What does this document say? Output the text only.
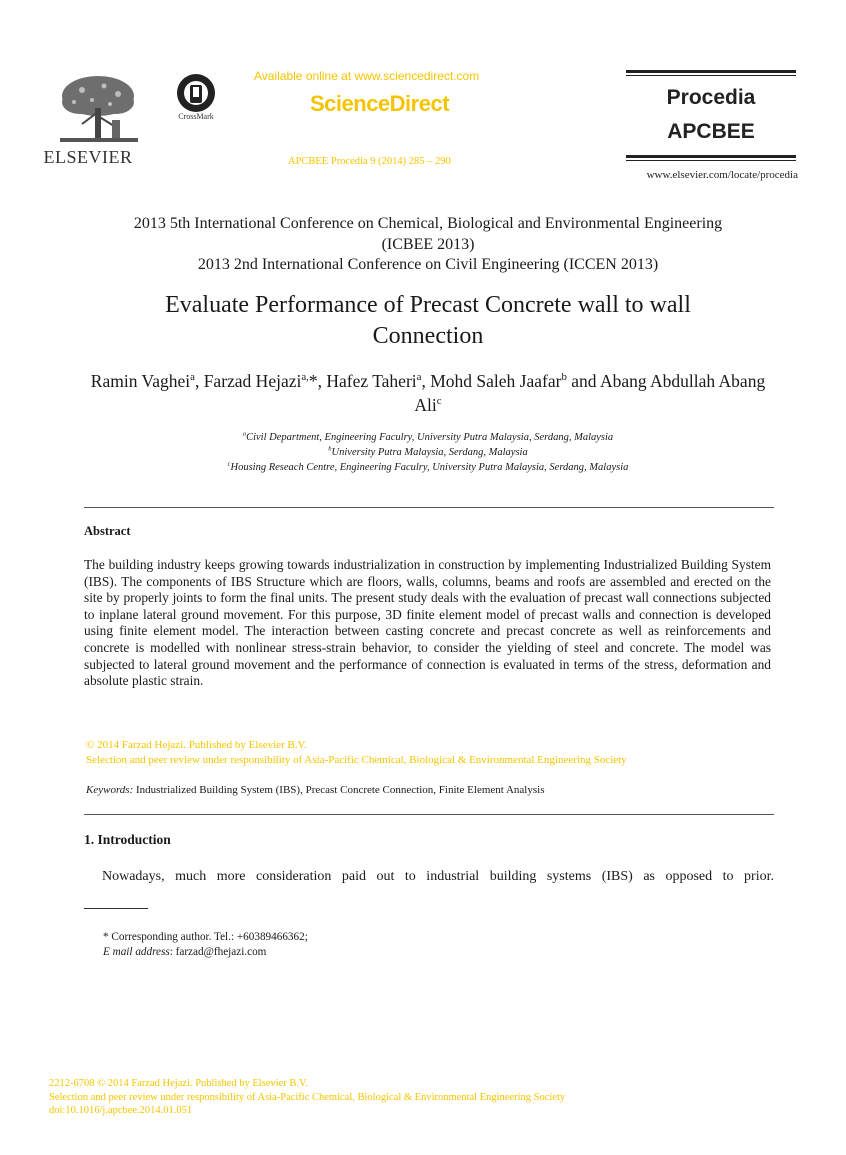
ELSEVIER
CrossMark
Available online at www.sciencedirect.com
ScienceDirect
APCBEE Procedia 9 (2014) 285 – 290
Procedia
APCBEE
www.elsevier.com/locate/procedia
2013 5th International Conference on Chemical, Biological and Environmental Engineering
(ICBEE 2013)
2013 2nd International Conference on Civil Engineering (ICCEN 2013)
Evaluate Performance of Precast Concrete wall to wall
Connection
Ramin Vaghei$^a$, Farzad Hejazi$^{a,}$*, Hafez Taheri$^a$, Mohd Saleh Jaafar$^b$ and Abang Abdullah Abang Ali$^c$
$^a$Civil Department, Engineering Faculry, University Putra Malaysia, Serdang, Malaysia
$^b$University Putra Malaysia, Serdang, Malaysia
$^c$Housing Reseach Centre, Engineering Faculry, University Putra Malaysia, Serdang, Malaysia
Abstract
The building industry keeps growing towards industrialization in construction by implementing Industrialized Building System (IBS). The components of IBS Structure which are floors, walls, columns, beams and roofs are assembled and erected on the site by properly joints to form the final units. The present study deals with the evaluation of precast wall connections subjected to inplane lateral ground movement. For this purpose, 3D finite element model of precast walls and connection is developed using finite element model. The interaction between casting concrete and precast concrete as well as reinforcements and concrete is modelled with nonlinear stress-strain behavior, to consider the yielding of steel and concrete. The model was subjected to lateral ground movement and the performance of connection is evaluated in terms of the stress, deformation and absolute plastic strain.
© 2014 Farzad Hejazi. Published by Elsevier B.V.
Selection and peer review under responsibility of Asia-Pacific Chemical, Biological & Environmental Engineering Society
Keywords: Industrialized Building System (IBS), Precast Concrete Connection, Finite Element Analysis
1. Introduction
Nowadays, much more consideration paid out to industrial building systems (IBS) as opposed to prior.
* Corresponding author. Tel.: +60389466362;
E mail address: farzad@fhejazi.com
2212-6708 © 2014 Farzad Hejazi. Published by Elsevier B.V.
Selection and peer review under responsibility of Asia-Pacific Chemical, Biological & Environmental Engineering Society
doi:10.1016/j.apcbee.2014.01.051
